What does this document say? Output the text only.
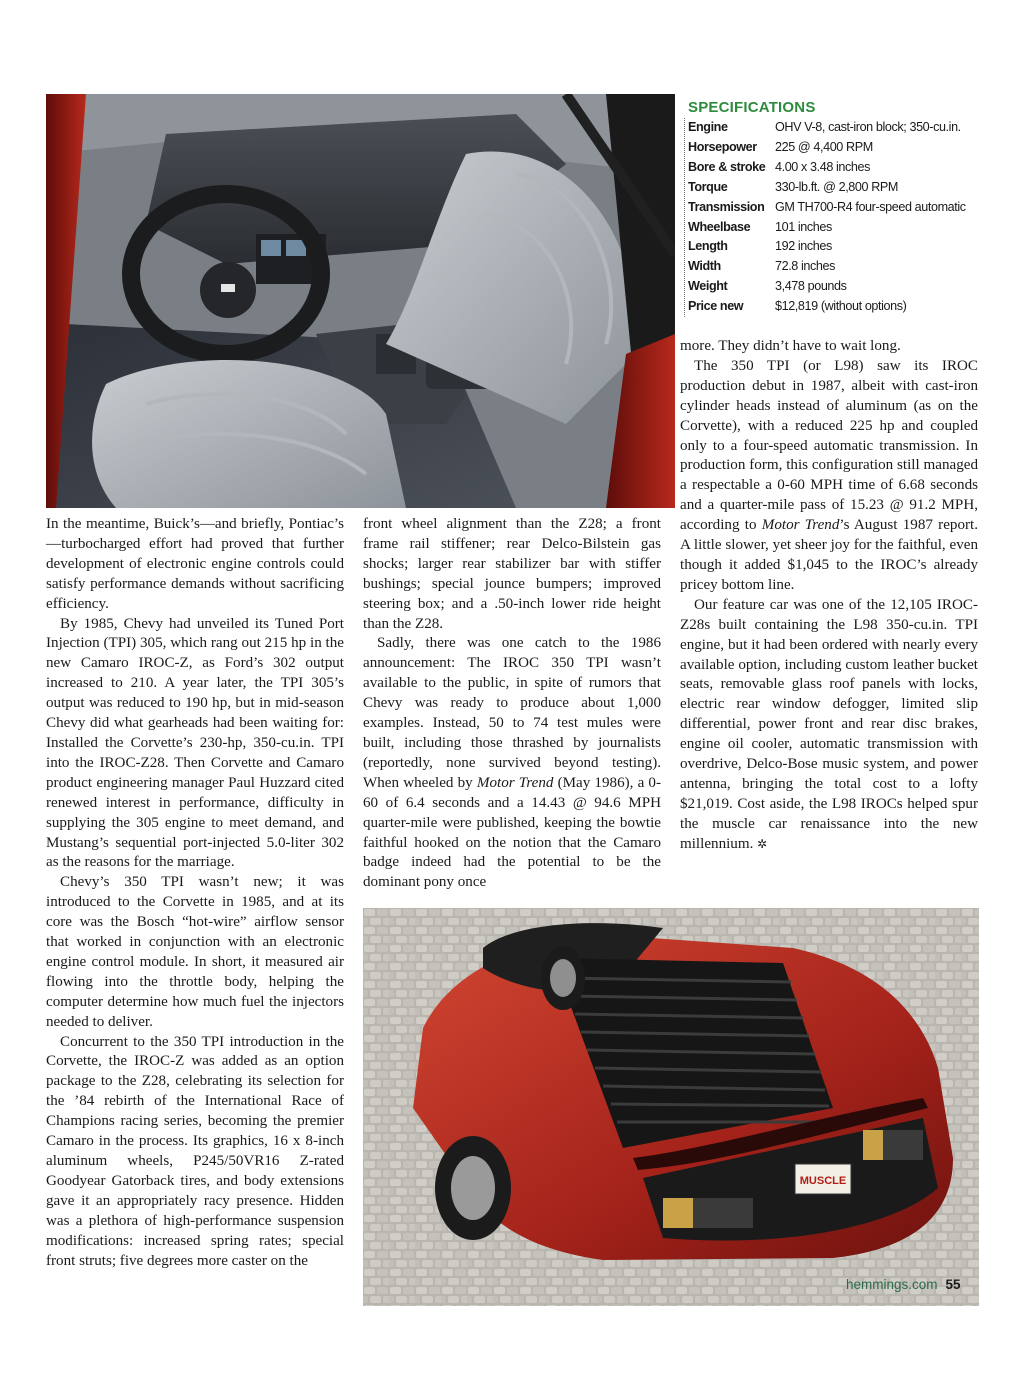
SPECIFICATIONS
Engine	OHV V-8, cast-iron block; 350-cu.in.
Horsepower	225 @ 4,400 RPM
Bore & stroke 4.00 x 3.48 inches
Torque	330-lb.ft. @ 2,800 RPM
Transmission GM TH700-R4 four-speed automatic
Wheelbase	101 inches
Length	192 inches
Width	72.8 inches
Weight	3,478 pounds
Price new	$12,819 (without options)

more. They didn’t have to wait long.

The 350 TPI (or L98) saw its IROC production debut in 1987, albeit with cast-iron cylinder heads instead of aluminum (as on the Corvette), with a reduced 225 hp and coupled only to a four-speed automatic transmission. In production form, this configuration still managed a respectable a 0-60 MPH time of 6.68 seconds and a quarter-mile pass of 15.23 @ 91.2 MPH, according to Motor Trend’s August 1987 report. A little slower, yet sheer joy for the faithful, even though it added $1,045 to the IROC’s already pricey bottom line.

Our feature car was one of the 12,105 IROC-Z28s built containing the L98 350-cu.in. TPI engine, but it had been ordered with nearly every available option, including custom leather bucket seats, removable glass roof panels with locks, electric rear window defogger, limited slip differential, power front and rear disc brakes, engine oil cooler, automatic transmission with overdrive, Delco-Bose music system, and power antenna, bringing the total cost to a lofty $21,019. Cost aside, the L98 IROCs helped spur the muscle car renaissance into the new millennium. ✲

In the meantime, Buick’s—and briefly, Pontiac’s—turbocharged effort had proved that further development of electronic engine controls could satisfy performance demands without sacrificing efficiency.

By 1985, Chevy had unveiled its Tuned Port Injection (TPI) 305, which rang out 215 hp in the new Camaro IROC-Z, as Ford’s 302 output increased to 210. A year later, the TPI 305’s output was reduced to 190 hp, but in mid-season Chevy did what gearheads had been waiting for: Installed the Corvette’s 230-hp, 350-cu.in. TPI into the IROC-Z28. Then Corvette and Camaro product engineering manager Paul Huzzard cited renewed interest in performance, difficulty in supplying the 305 engine to meet demand, and Mustang’s sequential port-injected 5.0-liter 302 as the reasons for the marriage.

Chevy’s 350 TPI wasn’t new; it was introduced to the Corvette in 1985, and at its core was the Bosch “hot-wire” airflow sensor that worked in conjunction with an electronic engine control module. In short, it measured air flowing into the throttle body, helping the computer determine how much fuel the injectors needed to deliver.

Concurrent to the 350 TPI introduction in the Corvette, the IROC-Z was added as an option package to the Z28, celebrating its selection for the ’84 rebirth of the International Race of Champions racing series, becoming the premier Camaro in the process. Its graphics, 16 x 8-inch aluminum wheels, P245/50VR16 Z-rated Goodyear Gatorback tires, and body extensions gave it an appropriately racy presence. Hidden was a plethora of high-performance suspension modifications: increased spring rates; special front struts; five degrees more caster on the

front wheel alignment than the Z28; a front frame rail stiffener; rear Delco-Bilstein gas shocks; larger rear stabilizer bar with stiffer bushings; special jounce bumpers; improved steering box; and a .50-inch lower ride height than the Z28.

Sadly, there was one catch to the 1986 announcement: The IROC 350 TPI wasn’t available to the public, in spite of rumors that Chevy was ready to produce about 1,000 examples. Instead, 50 to 74 test mules were built, including those thrashed by journalists (reportedly, none survived beyond testing). When wheeled by Motor Trend (May 1986), a 0-60 of 6.4 seconds and a 14.43 @ 94.6 MPH quarter-mile were published, keeping the bowtie faithful hooked on the notion that the Camaro badge indeed had the potential to be the dominant pony once

MUSCLE
hemmings.com 55
